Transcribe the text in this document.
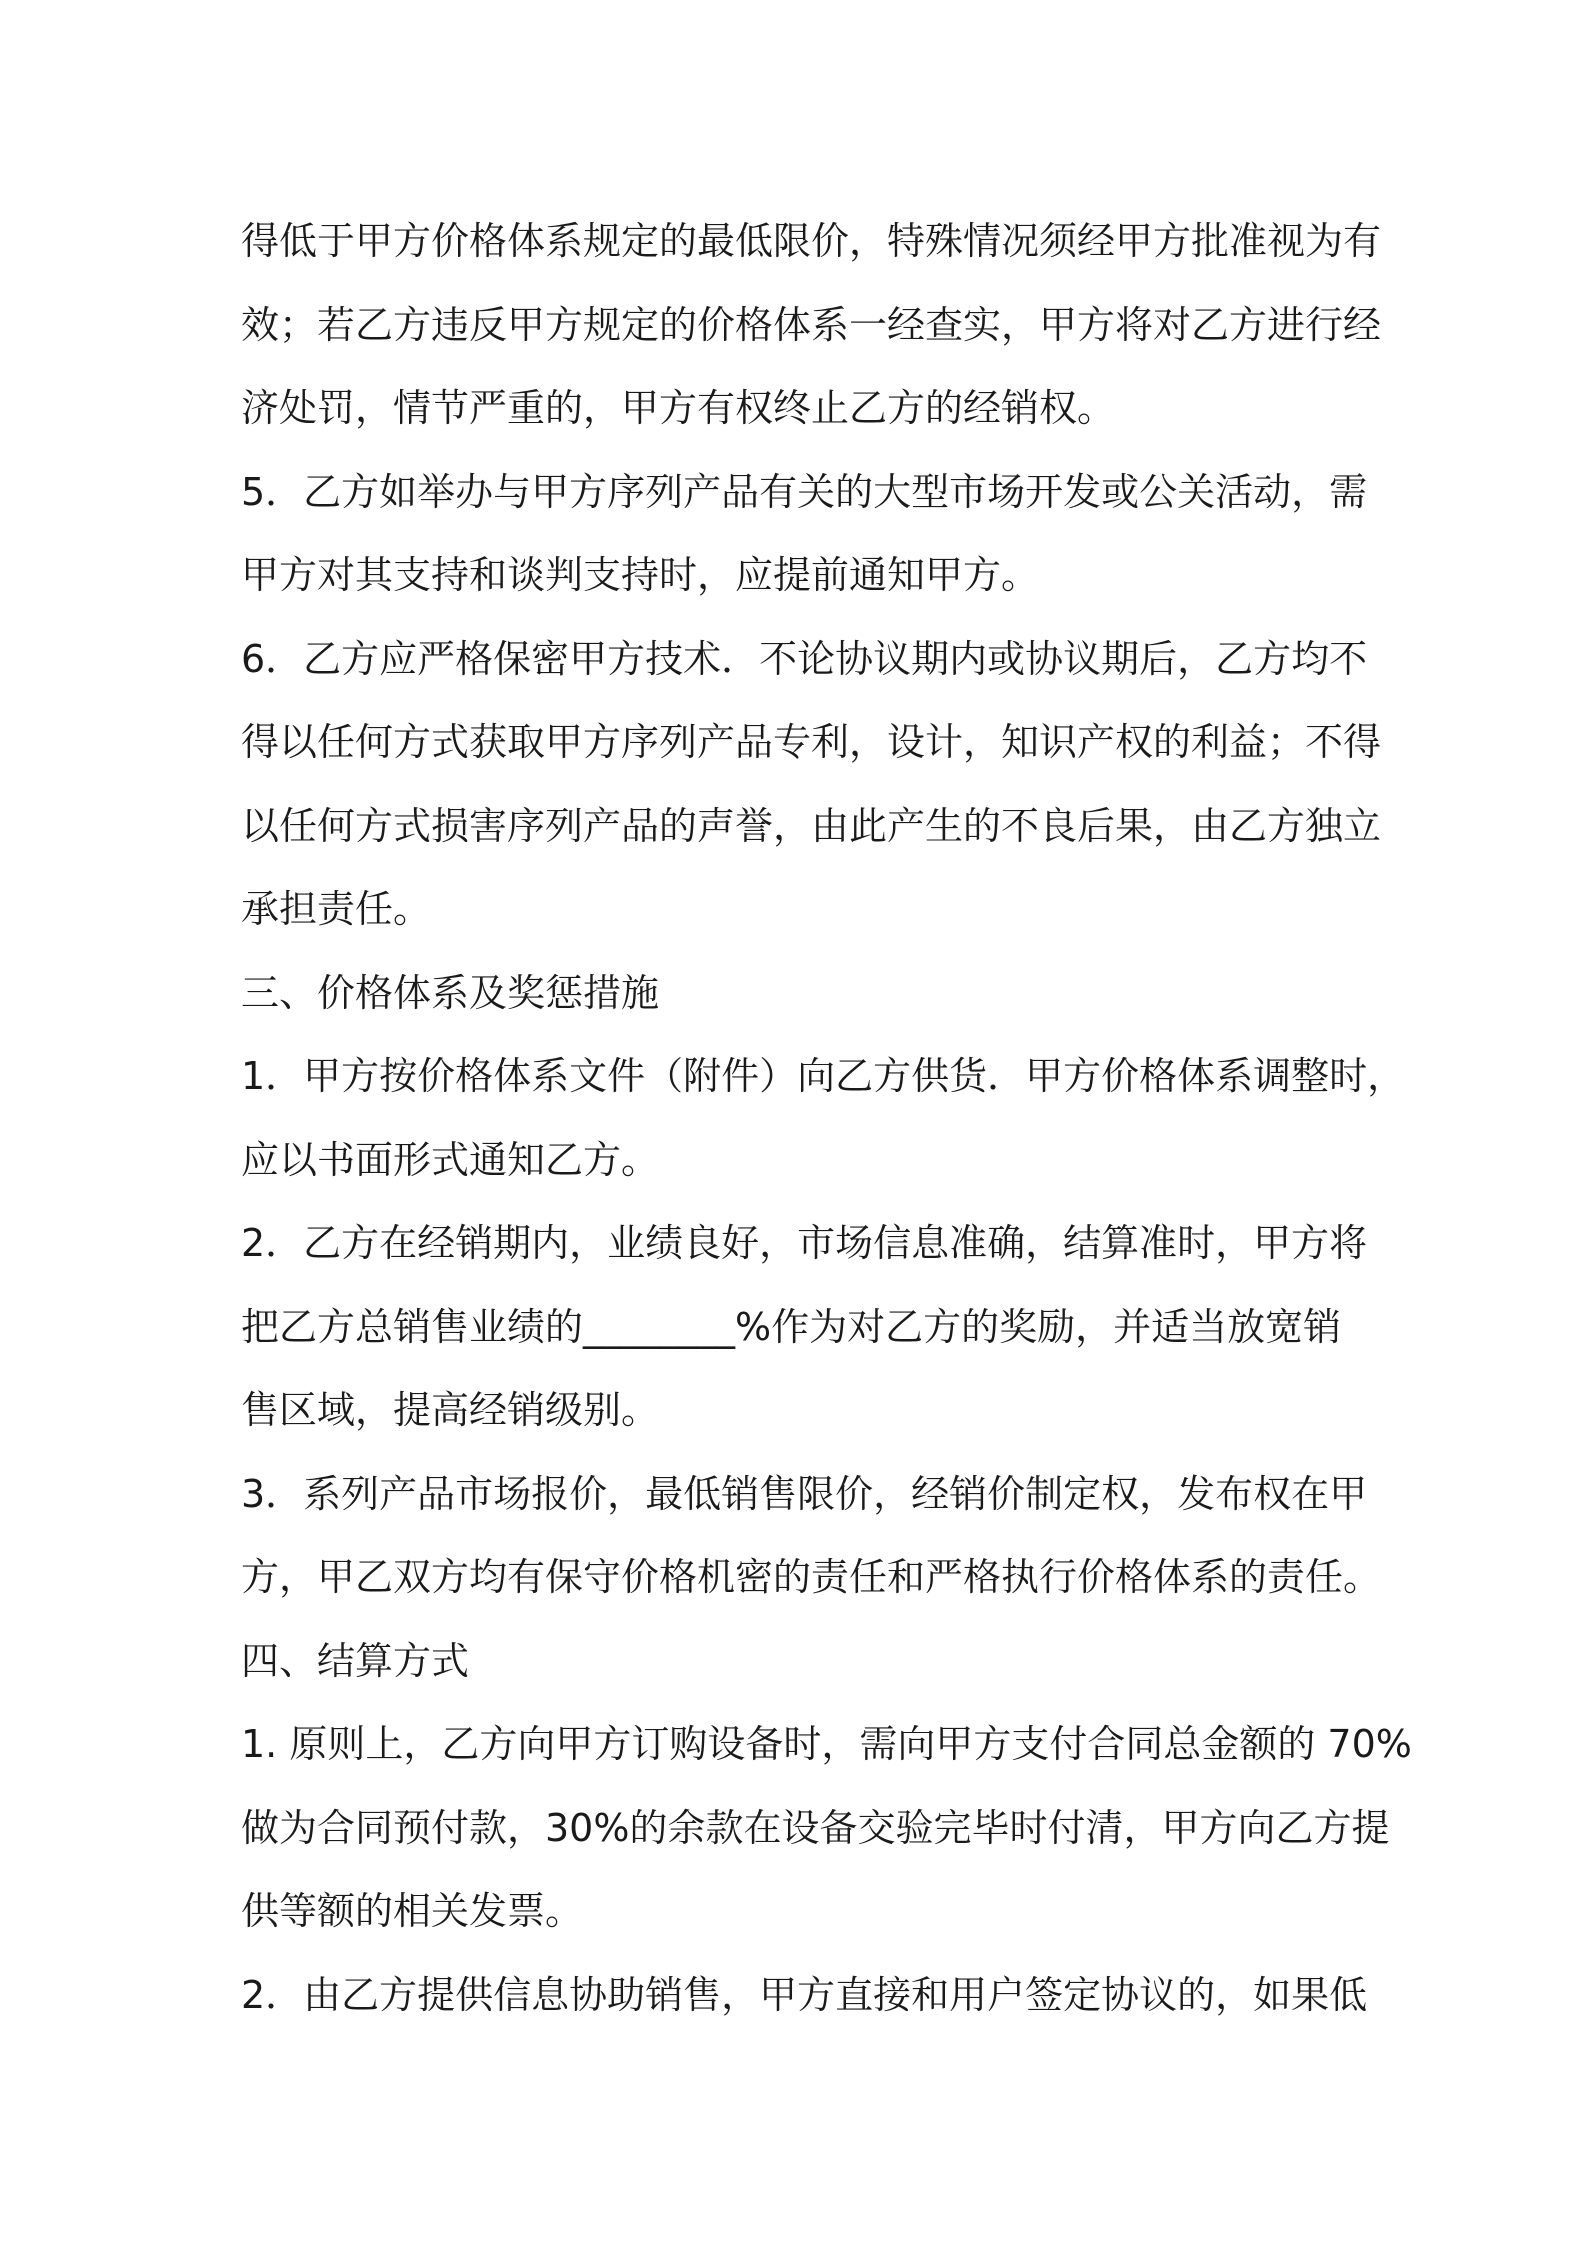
得低于甲方价格体系规定的最低限价，特殊情况须经甲方批准视为有
效；若乙方违反甲方规定的价格体系一经查实，甲方将对乙方进行经
济处罚，情节严重的，甲方有权终止乙方的经销权。
5．乙方如举办与甲方序列产品有关的大型市场开发或公关活动，需
甲方对其支持和谈判支持时，应提前通知甲方。
6．乙方应严格保密甲方技术．不论协议期内或协议期后，乙方均不
得以任何方式获取甲方序列产品专利，设计，知识产权的利益；不得
以任何方式损害序列产品的声誉，由此产生的不良后果，由乙方独立
承担责任。
三、价格体系及奖惩措施
1．甲方按价格体系文件（附件）向乙方供货．甲方价格体系调整时，
应以书面形式通知乙方。
2．乙方在经销期内，业绩良好，市场信息准确，结算准时，甲方将
把乙方总销售业绩的________%作为对乙方的奖励，并适当放宽销
售区域，提高经销级别。
3．系列产品市场报价，最低销售限价，经销价制定权，发布权在甲
方，甲乙双方均有保守价格机密的责任和严格执行价格体系的责任。
四、结算方式
1. 原则上，乙方向甲方订购设备时，需向甲方支付合同总金额的 70%
做为合同预付款，30%的余款在设备交验完毕时付清，甲方向乙方提
供等额的相关发票。
2．由乙方提供信息协助销售，甲方直接和用户签定协议的，如果低
